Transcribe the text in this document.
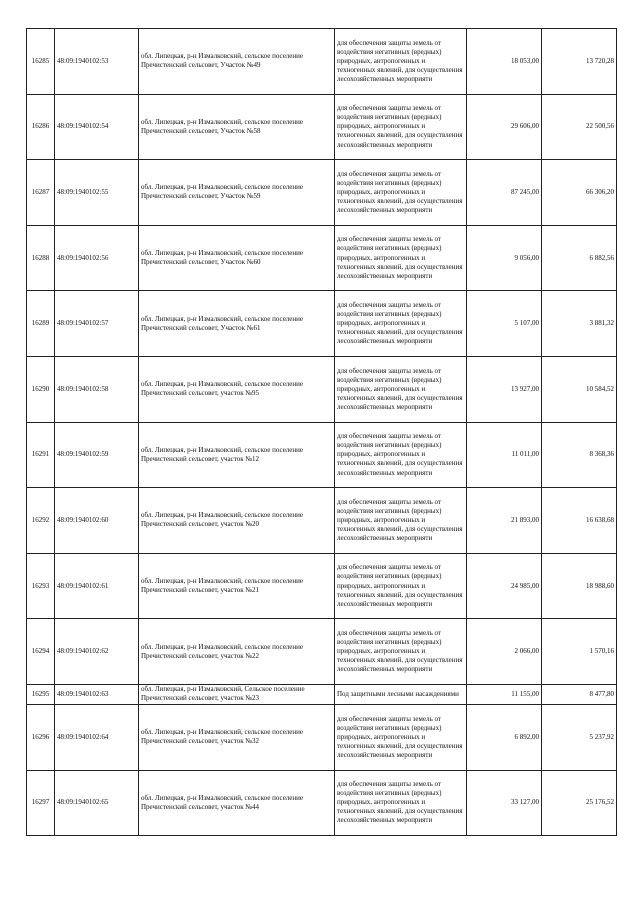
16285	48:09:1940102:53	обл. Липецкая, р-н Измалковский, сельское поселение Пречистенский сельсовет, Участок №49	для обеспечения защиты земель от воздействия негативных (вредных) природных, антропогенных и техногенных явлений, для осуществления лесохозяйственных мероприяти	18 053,00	13 720,28

16286	48:09:1940102:54	обл. Липецкая, р-н Измалковский, сельское поселение Пречистенский сельсовет, Участок №58	для обеспечения защиты земель от воздействия негативных (вредных) природных, антропогенных и техногенных явлений, для осуществления лесохозяйственных мероприяти	29 606,00	22 500,56

16287	48:09:1940102:55	обл. Липецкая, р-н Измалковский, сельское поселение Пречистенский сельсовет, Участок №59	для обеспечения защиты земель от воздействия негативных (вредных) природных, антропогенных и техногенных явлений, для осуществления лесохозяйственных мероприяти	87 245,00	66 306,20

16288	48:09:1940102:56	обл. Липецкая, р-н Измалковский, сельское поселение Пречистенский сельсовет, Участок №60	для обеспечения защиты земель от воздействия негативных (вредных) природных, антропогенных и техногенных явлений, для осуществления лесохозяйственных мероприяти	9 056,00	6 882,56

16289	48:09:1940102:57	обл. Липецкая, р-н Измалковский, сельское поселение Пречистенский сельсовет, Участок №61	для обеспечения защиты земель от воздействия негативных (вредных) природных, антропогенных и техногенных явлений, для осуществления лесохозяйственных мероприяти	5 107,00	3 881,32

16290	48:09:1940102:58	обл. Липецкая, р-н Измалковский, сельское поселение Пречистенский сельсовет, участок №95	для обеспечения защиты земель от воздействия негативных (вредных) природных, антропогенных и техногенных явлений, для осуществления лесохозяйственных мероприяти	13 927,00	10 584,52

16291	48:09:1940102:59	обл. Липецкая, р-н Измалковский, сельское поселение Пречистенский сельсовет, участок №12	для обеспечения защиты земель от воздействия негативных (вредных) природных, антропогенных и техногенных явлений, для осуществления лесохозяйственных мероприяти	11 011,00	8 368,36

16292	48:09:1940102:60	обл. Липецкая, р-н Измалковский, сельское поселение Пречистенский сельсовет, участок №20	для обеспечения защиты земель от воздействия негативных (вредных) природных, антропогенных и техногенных явлений, для осуществления лесохозяйственных мероприяти	21 893,00	16 638,68

16293	48:09:1940102:61	обл. Липецкая, р-н Измалковский, сельское поселение Пречистенский сельсовет, участок №21	для обеспечения защиты земель от воздействия негативных (вредных) природных, антропогенных и техногенных явлений, для осуществления лесохозяйственных мероприяти	24 985,00	18 988,60

16294	48:09:1940102:62	обл. Липецкая, р-н Измалковский, сельское поселение Пречистенский сельсовет, участок №22	для обеспечения защиты земель от воздействия негативных (вредных) природных, антропогенных и техногенных явлений, для осуществления лесохозяйственных мероприяти	2 066,00	1 570,16

16295	48:09:1940102:63	обл. Липецкая, р-н Измалковский, Сельское поселение Пречистенский сельсовет, участок №23	Под защитными лесными насаждениями	11 155,00	8 477,80

16296	48:09:1940102:64	обл. Липецкая, р-н Измалковский, сельское поселение Пречистенский сельсовет, участок №32	для обеспечения защиты земель от воздействия негативных (вредных) природных, антропогенных и техногенных явлений, для осуществления лесохозяйственных мероприяти	6 892,00	5 237,92

16297	48:09:1940102:65	обл. Липецкая, р-н Измалковский, сельское поселение Пречистенский сельсовет, участок №44	для обеспечения защиты земель от воздействия негативных (вредных) природных, антропогенных и техногенных явлений, для осуществления лесохозяйственных мероприяти	33 127,00	25 176,52
